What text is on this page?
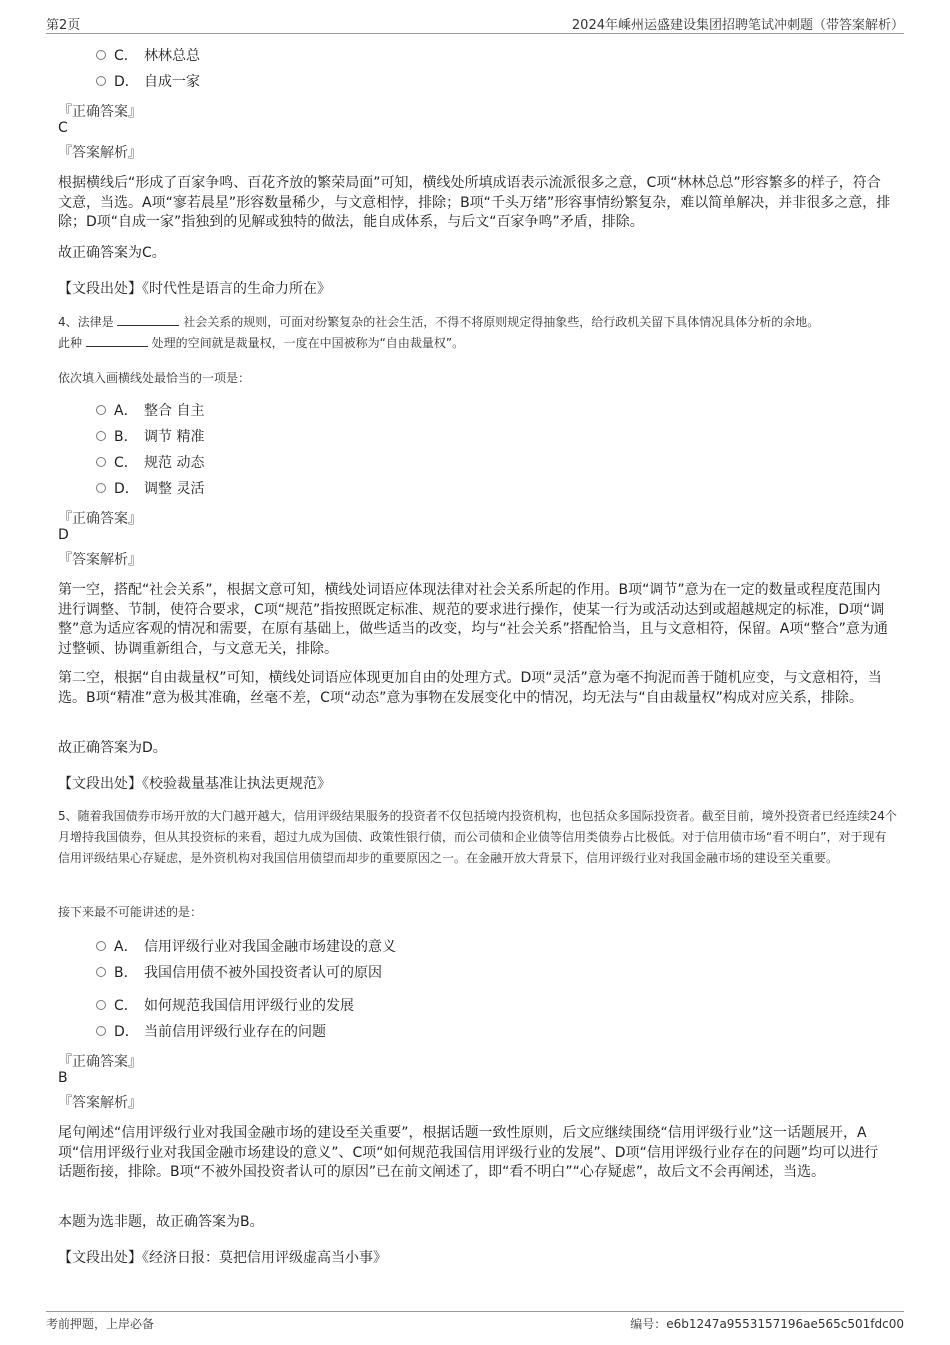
第2页	2024年嵊州运盛建设集团招聘笔试冲刺题（带答案解析）
C． 林林总总
D． 自成一家
『正确答案』
C
『答案解析』
根据横线后“形成了百家争鸣、百花齐放的繁荣局面”可知，横线处所填成语表示流派很多之意，C项“林林总总”形容繁多的样子，符合文意，当选。A项“寥若晨星”形容数量稀少，与文意相悖，排除；B项“千头万绪”形容事情纷繁复杂，难以简单解决，并非很多之意，排除；D项“自成一家”指独到的见解或独特的做法，能自成体系，与后文“百家争鸣”矛盾，排除。
故正确答案为C。
【文段出处】《时代性是语言的生命力所在》
4、法律是	社会关系的规则，可面对纷繁复杂的社会生活，不得不将原则规定得抽象些，给行政机关留下具体情况具体分析的余地。
此种	处理的空间就是裁量权，一度在中国被称为“自由裁量权”。
依次填入画横线处最恰当的一项是：
A． 整合 自主
B． 调节 精准
C． 规范 动态
D． 调整 灵活
『正确答案』
D
『答案解析』
第一空，搭配“社会关系”，根据文意可知，横线处词语应体现法律对社会关系所起的作用。B项“调节”意为在一定的数量或程度范围内进行调整、节制，使符合要求，C项“规范”指按照既定标准、规范的要求进行操作，使某一行为或活动达到或超越规定的标准，D项“调整”意为适应客观的情况和需要，在原有基础上，做些适当的改变，均与“社会关系”搭配恰当，且与文意相符，保留。A项“整合”意为通过整顿、协调重新组合，与文意无关，排除。
第二空，根据“自由裁量权”可知，横线处词语应体现更加自由的处理方式。D项“灵活”意为毫不拘泥而善于随机应变，与文意相符，当选。B项“精准”意为极其准确，丝毫不差，C项“动态”意为事物在发展变化中的情况，均无法与“自由裁量权”构成对应关系，排除。
故正确答案为D。
【文段出处】《校验裁量基准让执法更规范》
5、随着我国债券市场开放的大门越开越大，信用评级结果服务的投资者不仅包括境内投资机构，也包括众多国际投资者。截至目前，境外投资者已经连续24个月增持我国债券，但从其投资标的来看，超过九成为国债、政策性银行债，而公司债和企业债等信用类债券占比极低。对于信用债市场“看不明白”，对于现有信用评级结果心存疑虑，是外资机构对我国信用债望而却步的重要原因之一。在金融开放大背景下，信用评级行业对我国金融市场的建设至关重要。
接下来最不可能讲述的是：
A． 信用评级行业对我国金融市场建设的意义
B． 我国信用债不被外国投资者认可的原因
C． 如何规范我国信用评级行业的发展
D． 当前信用评级行业存在的问题
『正确答案』
B
『答案解析』
尾句阐述“信用评级行业对我国金融市场的建设至关重要”，根据话题一致性原则，后文应继续围绕“信用评级行业”这一话题展开，A项“信用评级行业对我国金融市场建设的意义”、C项“如何规范我国信用评级行业的发展”、D项“信用评级行业存在的问题”均可以进行话题衔接，排除。B项“不被外国投资者认可的原因”已在前文阐述了，即“看不明白”“心存疑虑”，故后文不会再阐述，当选。
本题为选非题，故正确答案为B。
【文段出处】《经济日报：莫把信用评级虚高当小事》
考前押题，上岸必备	编号：e6b1247a9553157196ae565c501fdc00
